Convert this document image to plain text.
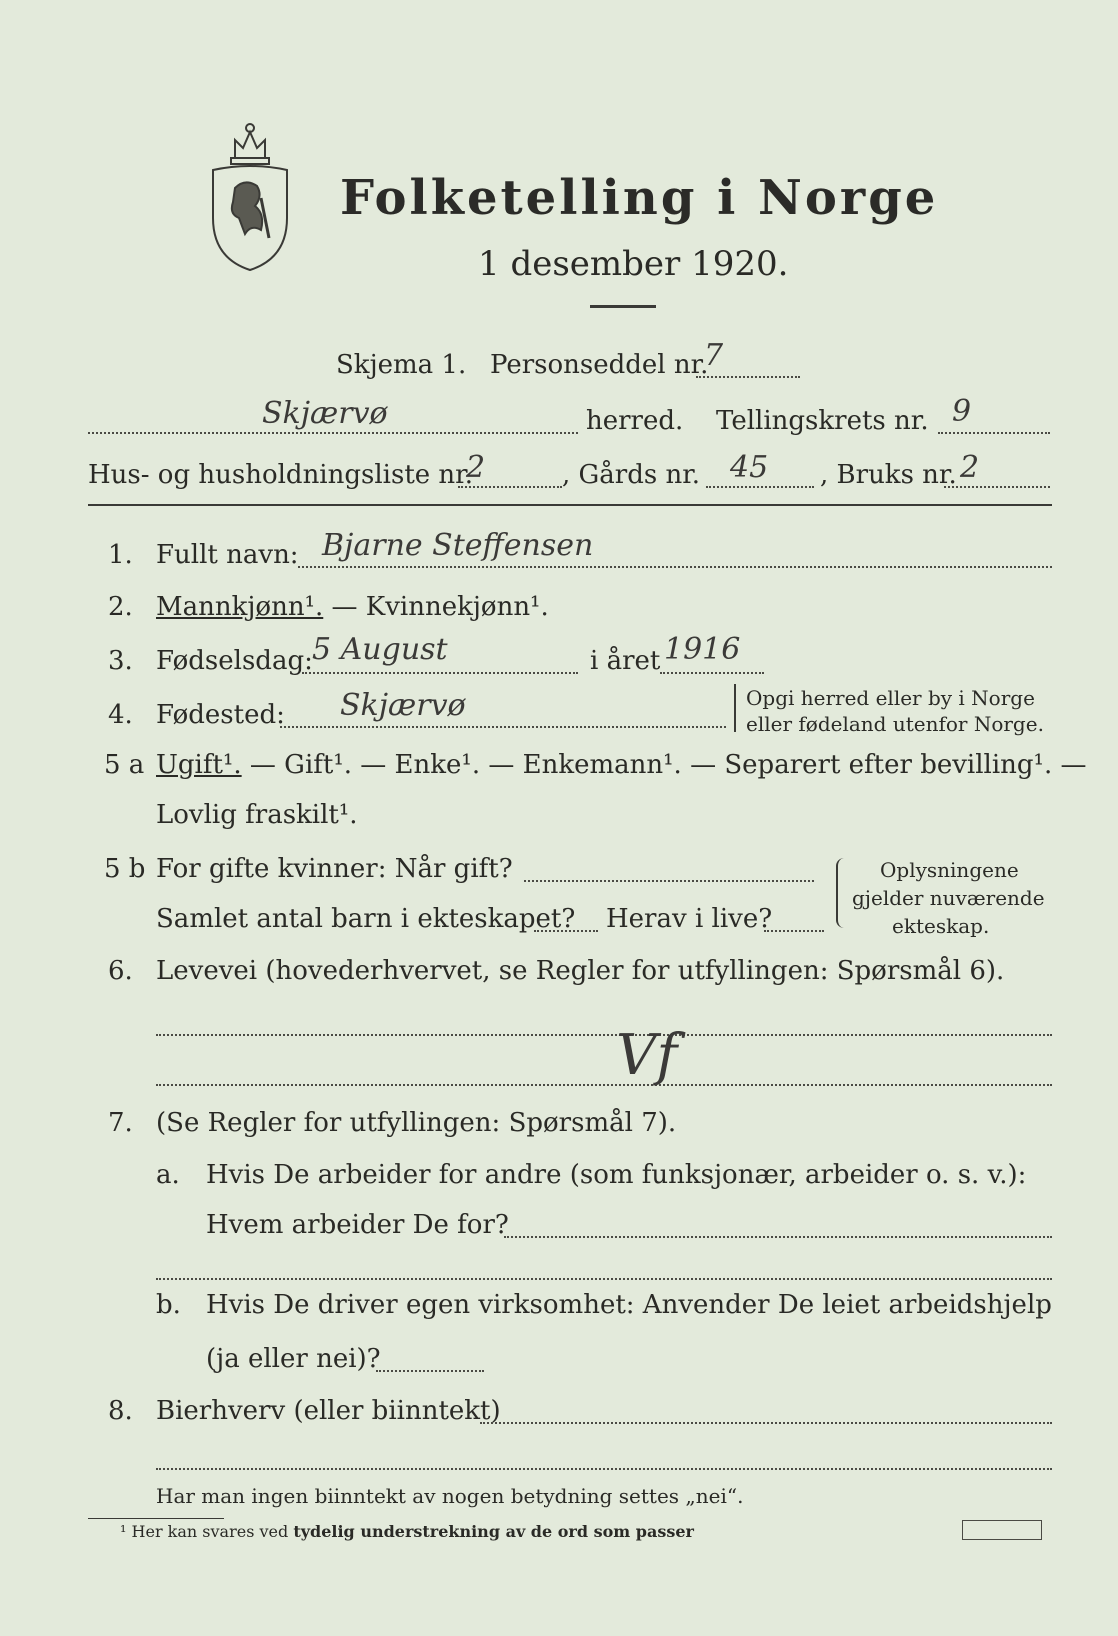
Folketelling i Norge
1 desember 1920.
Skjema 1. Personseddel nr.
7
Skjærvø	herred. Tellingskrets nr. 9
Hus- og husholdningsliste nr.
2	, Gårds nr. 45 , Bruks nr. 2
1. Fullt navn: Bjarne Steffensen
2. Mannkjønn¹. — Kvinnekjønn¹.
3. Fødselsdag: 5 August	i året 1916
4. Fødested: Skjærvø	Opgi herred eller by i Norge
eller fødeland utenfor Norge.
5 a Ugift¹. — Gift¹. — Enke¹. — Enkemann¹. — Separert efter bevilling¹. —
Lovlig fraskilt¹.
5 b For gifte kvinner: Når gift?
Samlet antal barn i ekteskapet? Herav i live?
Oplysningene
gjelder nuværende
ekteskap.
6. Levevei (hovederhvervet, se Regler for utfyllingen: Spørsmål 6).
Vf
7. (Se Regler for utfyllingen: Spørsmål 7).
a. Hvis De arbeider for andre (som funksjonær, arbeider o. s. v.):
Hvem arbeider De for?
b. Hvis De driver egen virksomhet: Anvender De leiet arbeidshjelp
(ja eller nei)?
8. Bierhverv (eller biinntekt)
Har man ingen biinntekt av nogen betydning settes „nei“.
¹ Her kan svares ved tydelig understrekning av de ord som passer
